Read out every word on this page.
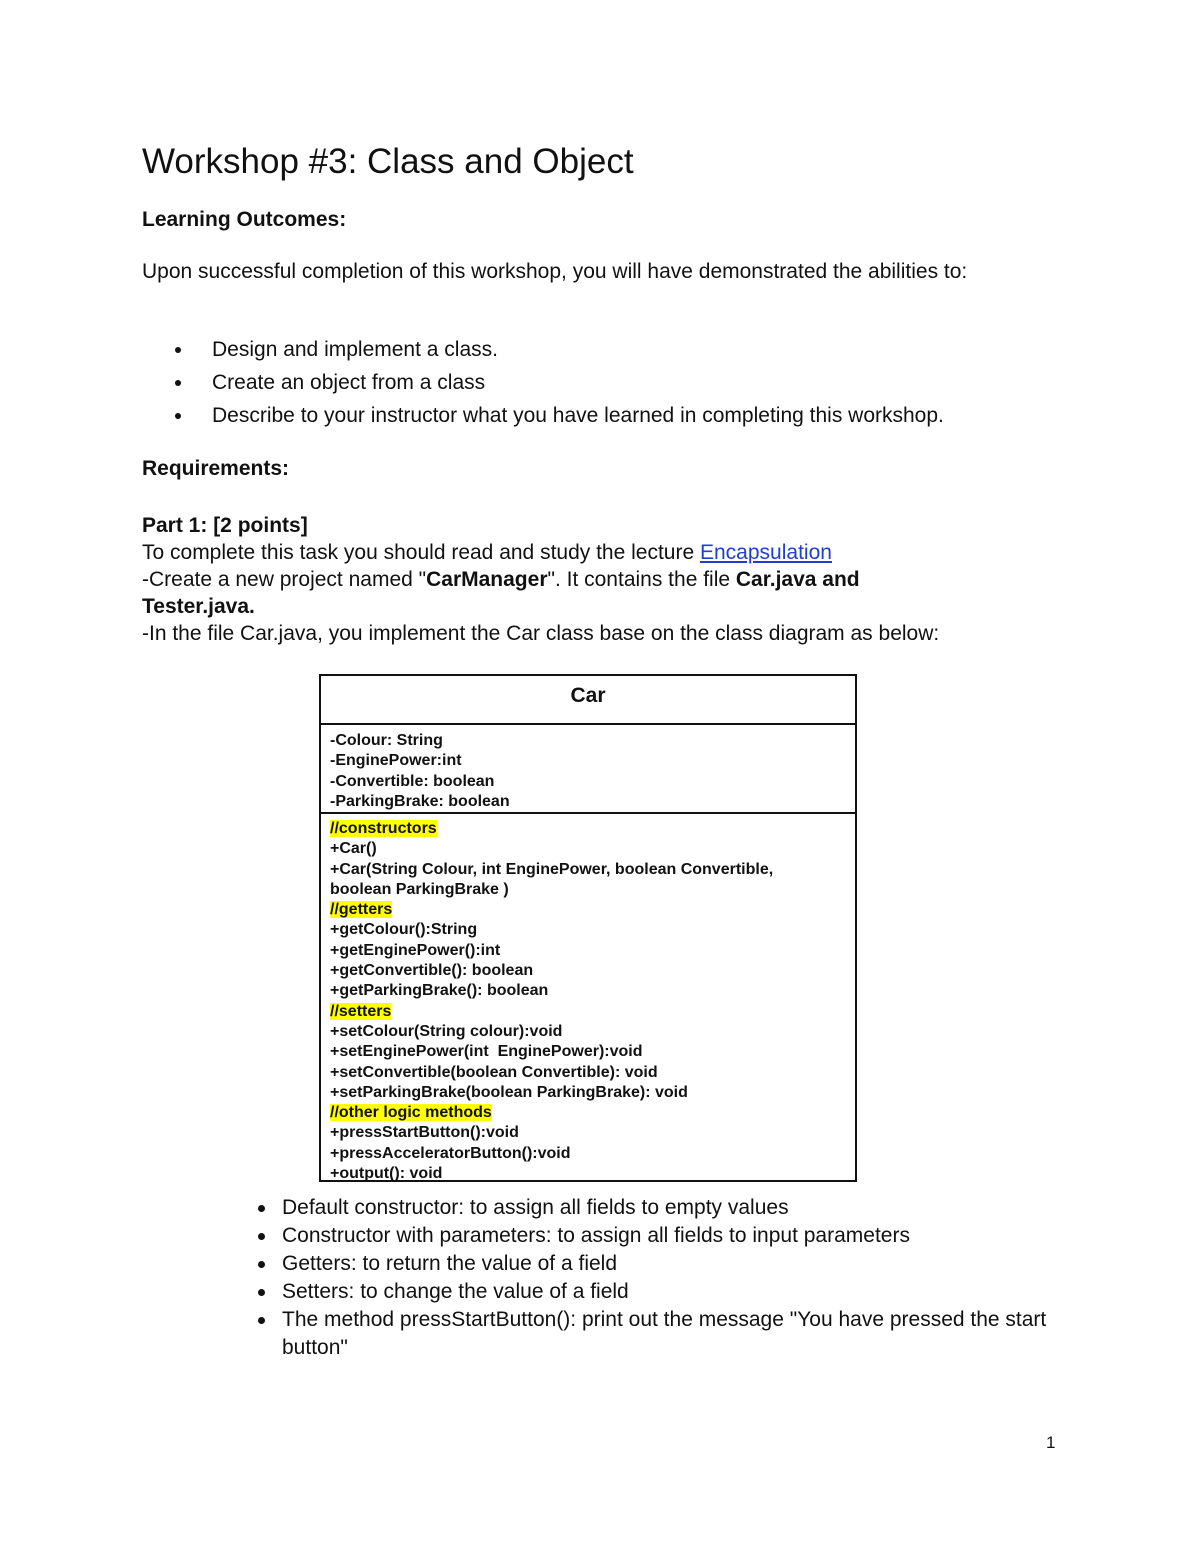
Workshop #3: Class and Object
Learning Outcomes:

Upon successful completion of this workshop, you will have demonstrated the abilities to:

Design and implement a class.
Create an object from a class
Describe to your instructor what you have learned in completing this workshop.
Requirements:
Part 1: [2 points]
To complete this task you should read and study the lecture Encapsulation
-Create a new project named "CarManager". It contains the file Car.java and
Tester.java.
-In the file Car.java, you implement the Car class base on the class diagram as below:
Car
-Colour: String
-EnginePower:int
-Convertible: boolean
-ParkingBrake: boolean
//constructors
+Car()
+Car(String Colour, int EnginePower, boolean Convertible,
boolean ParkingBrake )
//getters
+getColour():String
+getEnginePower():int
+getConvertible(): boolean
+getParkingBrake(): boolean
//setters
+setColour(String colour):void
+setEnginePower(int  EnginePower):void
+setConvertible(boolean Convertible): void
+setParkingBrake(boolean ParkingBrake): void
//other logic methods
+pressStartButton():void
+pressAcceleratorButton():void
+output(): void
Default constructor: to assign all fields to empty values
Constructor with parameters: to assign all fields to input parameters
Getters: to return the value of a field
Setters: to change the value of a field
The method pressStartButton(): print out the message "You have pressed the start button"
1
